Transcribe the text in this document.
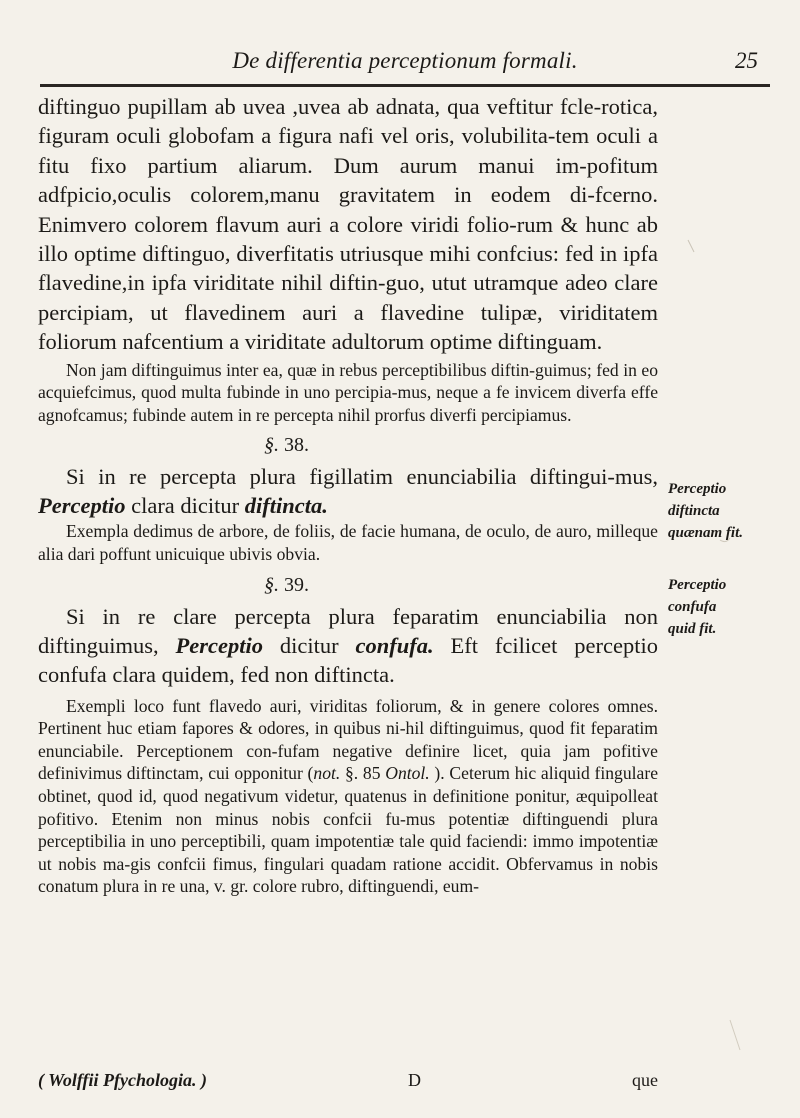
De differentia perceptionum formali.	25

diftinguo pupillam ab uvea ,uvea ab adnata, qua veftitur fcle-rotica, figuram oculi globofam a figura nafi vel oris, volubilita-tem oculi a fitu fixo partium aliarum. Dum aurum manui im-pofitum adfpicio,oculis colorem,manu gravitatem in eodem di-fcerno. Enimvero colorem flavum auri a colore viridi folio-rum & hunc ab illo optime diftinguo, diverfitatis utriusque mihi confcius: fed in ipfa flavedine,in ipfa viriditate nihil diftin-guo, utut utramque adeo clare percipiam, ut flavedinem auri a flavedine tulipæ, viriditatem foliorum nafcentium a viriditate adultorum optime diftinguam.

Non jam diftinguimus inter ea, quæ in rebus perceptibilibus diftin-guimus; fed in eo acquiefcimus, quod multa fubinde in uno percipia-mus, neque a fe invicem diverfa effe agnofcamus; fubinde autem in re percepta nihil prorfus diverfi percipiamus.

§. 38.

Si in re percepta plura figillatim enunciabilia diftingui-mus, Perceptio clara dicitur diftincta.

Exempla dedimus de arbore, de foliis, de facie humana, de oculo, de auro, milleque alia dari poffunt unicuique ubivis obvia.

§. 39.

Si in re clare percepta plura feparatim enunciabilia non diftinguimus, Perceptio dicitur confufa. Eft fcilicet perceptio confufa clara quidem, fed non diftincta.

Exempli loco funt flavedo auri, viriditas foliorum, & in genere colores omnes. Pertinent huc etiam fapores & odores, in quibus ni-hil diftinguimus, quod fit feparatim enunciabile. Perceptionem con-fufam negative definire licet, quia jam pofitive definivimus diftinctam, cui opponitur (not. §. 85 Ontol. ). Ceterum hic aliquid fingulare obtinet, quod id, quod negativum videtur, quatenus in definitione ponitur, æquipolleat pofitivo. Etenim non minus nobis confcii fu-mus potentiæ diftinguendi plura perceptibilia in uno perceptibili, quam impotentiæ tale quid faciendi: immo impotentiæ ut nobis ma-gis confcii fimus, fingulari quadam ratione accidit. Obfervamus in nobis conatum plura in re una, v. gr. colore rubro, diftinguendi, eum-

Perceptio
diftincta
quænam fit.
Perceptio
confufa
quid fit.
( Wolffii Pfychologia. )	D	que
